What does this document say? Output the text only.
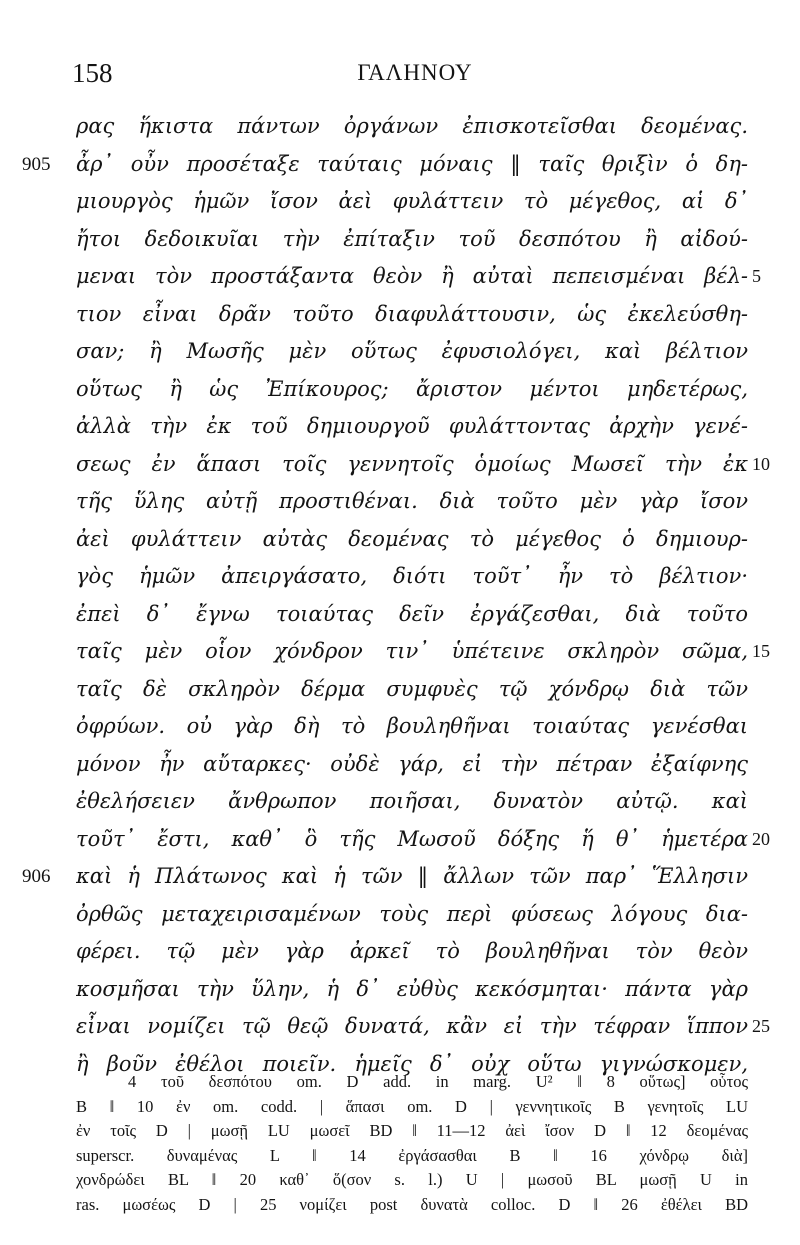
158	ΓΑΛΗΝΟΥ
ρας ἥκιστα πάντων ὀργάνων ἐπισκοτεῖσθαι δεομένας.
905	ἆρ᾽ οὖν προσέταξε ταύταις μόναις ‖ ταῖς θριξὶν ὁ δη-
μιουργὸς ἡμῶν ἴσον ἀεὶ φυλάττειν τὸ μέγεθος, αἱ δ᾽
ἤτοι δεδοικυῖαι τὴν ἐπίταξιν τοῦ δεσπότου ἢ αἰδού-
μεναι τὸν προστάξαντα θεὸν ἢ αὐταὶ πεπεισμέναι βέλ- 5
τιον εἶναι δρᾶν τοῦτο διαφυλάττουσιν, ὡς ἐκελεύσθη-
σαν; ἢ Μωσῆς μὲν οὕτως ἐφυσιολόγει, καὶ βέλτιον
οὕτως ἢ ὡς Ἐπίκουρος; ἄριστον μέντοι μηδετέρως,
ἀλλὰ τὴν ἐκ τοῦ δημιουργοῦ φυλάττοντας ἀρχὴν γενέ-
σεως ἐν ἅπασι τοῖς γεννητοῖς ὁμοίως Μωσεῖ τὴν ἐκ 10
τῆς ὕλης αὐτῇ προστιθέναι. διὰ τοῦτο μὲν γὰρ ἴσον
ἀεὶ φυλάττειν αὐτὰς δεομένας τὸ μέγεθος ὁ δημιουρ-
γὸς ἡμῶν ἀπειργάσατο, διότι τοῦτ᾽ ἦν τὸ βέλτιον·
ἐπεὶ δ᾽ ἔγνω τοιαύτας δεῖν ἐργάζεσθαι, διὰ τοῦτο
ταῖς μὲν οἷον χόνδρον τιν᾽ ὑπέτεινε σκληρὸν σῶμα, 15
ταῖς δὲ σκληρὸν δέρμα συμφυὲς τῷ χόνδρῳ διὰ τῶν
ὀφρύων. οὐ γὰρ δὴ τὸ βουληθῆναι τοιαύτας γενέσθαι
μόνον ἦν αὔταρκες· οὐδὲ γάρ, εἰ τὴν πέτραν ἐξαίφνης
ἐθελήσειεν ἄνθρωπον ποιῆσαι, δυνατὸν αὐτῷ. καὶ
τοῦτ᾽ ἔστι, καθ᾽ ὃ τῆς Μωσοῦ δόξης ἥ θ᾽ ἡμετέρα 20
906	καὶ ἡ Πλάτωνος καὶ ἡ τῶν ‖ ἄλλων τῶν παρ᾽ Ἕλλησιν
ὀρθῶς μεταχειρισαμένων τοὺς περὶ φύσεως λόγους δια-
φέρει. τῷ μὲν γὰρ ἀρκεῖ τὸ βουληθῆναι τὸν θεὸν
κοσμῆσαι τὴν ὕλην, ἡ δ᾽ εὐθὺς κεκόσμηται· πάντα γὰρ
εἶναι νομίζει τῷ θεῷ δυνατά, κἂν εἰ τὴν τέφραν ἵππον 25
ἢ βοῦν ἐθέλοι ποιεῖν. ἡμεῖς δ᾽ οὐχ οὕτω γιγνώσκομεν,
4 τοῦ δεσπότου om. D add. in marg. U² ‖ 8 οὕτως] οὗτος
B ‖ 10 ἐν om. codd. | ἅπασι om. D | γεννητικοῖς B γενητοῖς LU
ἐν τοῖς D | μωσῇ LU μωσεῖ BD ‖ 11—12 ἀεὶ ἴσον D ‖ 12 δεομένας
superscr. δυναμένας L ‖ 14 ἐργάσασθαι B ‖ 16 χόνδρῳ διὰ]
χονδρώδει BL ‖ 20 καθ᾽ ὅ(σον s. l.) U | μωσοῦ BL μωσῇ U in
ras. μωσέως D | 25 νομίζει post δυνατὰ colloc. D ‖ 26 ἐθέλει BD
